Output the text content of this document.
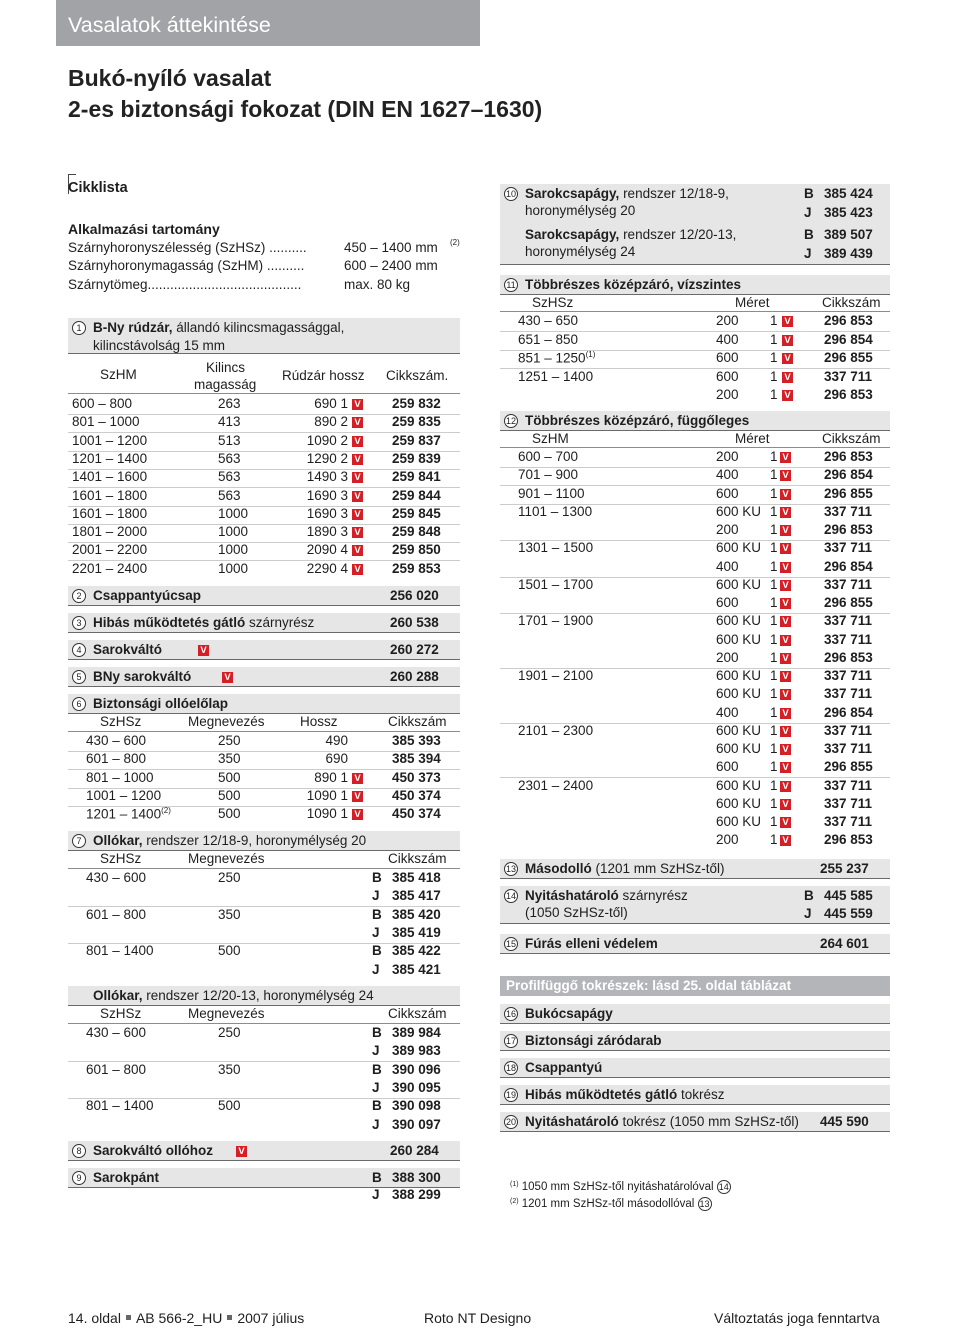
Vasalatok áttekintése
Bukó-nyíló vasalat
2-es biztonsági fokozat (DIN EN 1627–1630)
Cikklista
$^{(1)}$ 1050 mm SzHSz-től nyitáshatárolóval 14
$^{(2)}$ 1201 mm SzHSz-től másodollóval 13
14. oldal AB 566-2_HU 2007 július	Roto NT Designo	Változtatás joga fenntartva
Alkalmazási tartomány
Szárnyhoronyszélesség (SzHSz) ..........	450 – 1400 mm (2)
Szárnyhoronymagasság (SzHM) ..........	600 – 2400 mm
Szárnytömeg.........................................	max. 80 kg
1 B-Ny rúdzár, állandó kilincsmagassággal,
kilincstávolság 15 mm
SzHM	Kilincs
magasság
Rúdzár hossz Cikkszám.
600 – 800	263	690 1 V 259 832
801 – 1000	413	890 2 V 259 835
1001 – 1200	513	1090 2 V 259 837
1201 – 1400	563	1290 2 V 259 839
1401 – 1600	563	1490 3 V 259 841
1601 – 1800	563	1690 3 V 259 844
1601 – 1800	1000	1690 3 V 259 845
1801 – 2000	1000	1890 3 V 259 848
2001 – 2200	1000	2090 4 V 259 850
2201 – 2400	1000	2290 4 V 259 853
2 Csappantyúcsap	256 020
3 Hibás működtetés gátló szárnyrész	260 538
4 Sarokváltó	260 272
V
5 BNy sarokváltó	260 288
V
6 Biztonsági ollóelőlap
SzHSz	Megnevezés	Hossz	Cikkszám
430 – 600	250	490	385 393
601 – 800	350	690	385 394
801 – 1000	500	890 1 V 450 373
1001 – 1200	500	1090 1 V 450 374
1201 – 1400$^{(2)}$	500	1090 1 V 450 374
7 Ollókar, rendszer 12/18-9, horonymélység 20
SzHSz	Megnevezés	Cikkszám
430 – 600	250	B 385 418
J 385 417
601 – 800	350	B 385 420
J 385 419
801 – 1400	500	B 385 422
J 385 421
Ollókar, rendszer 12/20-13, horonymélység 24
SzHSz	Megnevezés	Cikkszám
430 – 600	250	B 389 984
J 389 983
601 – 800	350	B 390 096
J 390 095
801 – 1400	500	B 390 098
J 390 097
8 Sarokváltó ollóhoz	260 284
V
9 Sarokpánt	B 388 300
J 388 299
10 Sarokcsapágy, rendszer 12/18-9,
horonymélység 20
B 385 424
J 385 423
Sarokcsapágy, rendszer 12/20-13,
horonymélység 24
B 389 507
J 389 439
11 Többrészes középzáró, vízszintes
SzHSz	Méret	Cikkszám
430 – 650	200 1 V 296 853
651 – 850	400 1 V 296 854
851 – 1250$^{(1)}$	600 1 V 296 855
1251 – 1400	600 1 V 337 711
200 1 V 296 853
12 Többrészes középzáró, függőleges
SzHM	Méret	Cikkszám
600 – 700	200 1 V	296 853
701 – 900	400 1 V	296 854
901 – 1100	600 1 V	296 855
1101 – 1300	600 KU 1 V	337 711
200 1 V	296 853
1301 – 1500	600 KU 1 V	337 711
400 1 V	296 854
1501 – 1700	600 KU 1 V	337 711
600 1 V	296 855
1701 – 1900	600 KU 1 V	337 711
600 KU 1 V	337 711
200 1 V	296 853
1901 – 2100	600 KU 1 V	337 711
600 KU 1 V	337 711
400 1 V	296 854
2101 – 2300	600 KU 1 V	337 711
600 KU 1 V	337 711
600 1 V	296 855
2301 – 2400	600 KU 1 V	337 711
600 KU 1 V	337 711
600 KU 1 V	337 711
200 1 V	296 853
13 Másodolló (1201 mm SzHSz-től)	255 237
14 Nyitáshatároló szárnyrész
(1050 SzHSz-től)
B 445 585
J 445 559
15 Fúrás elleni védelem	264 601
Profilfüggő tokrészek: lásd 25. oldal táblázat
16 Bukócsapágy
17 Biztonsági záródarab
18 Csappantyú
19 Hibás működtetés gátló tokrész
20 Nyitáshatároló tokrész (1050 mm SzHSz-től) 445 590
